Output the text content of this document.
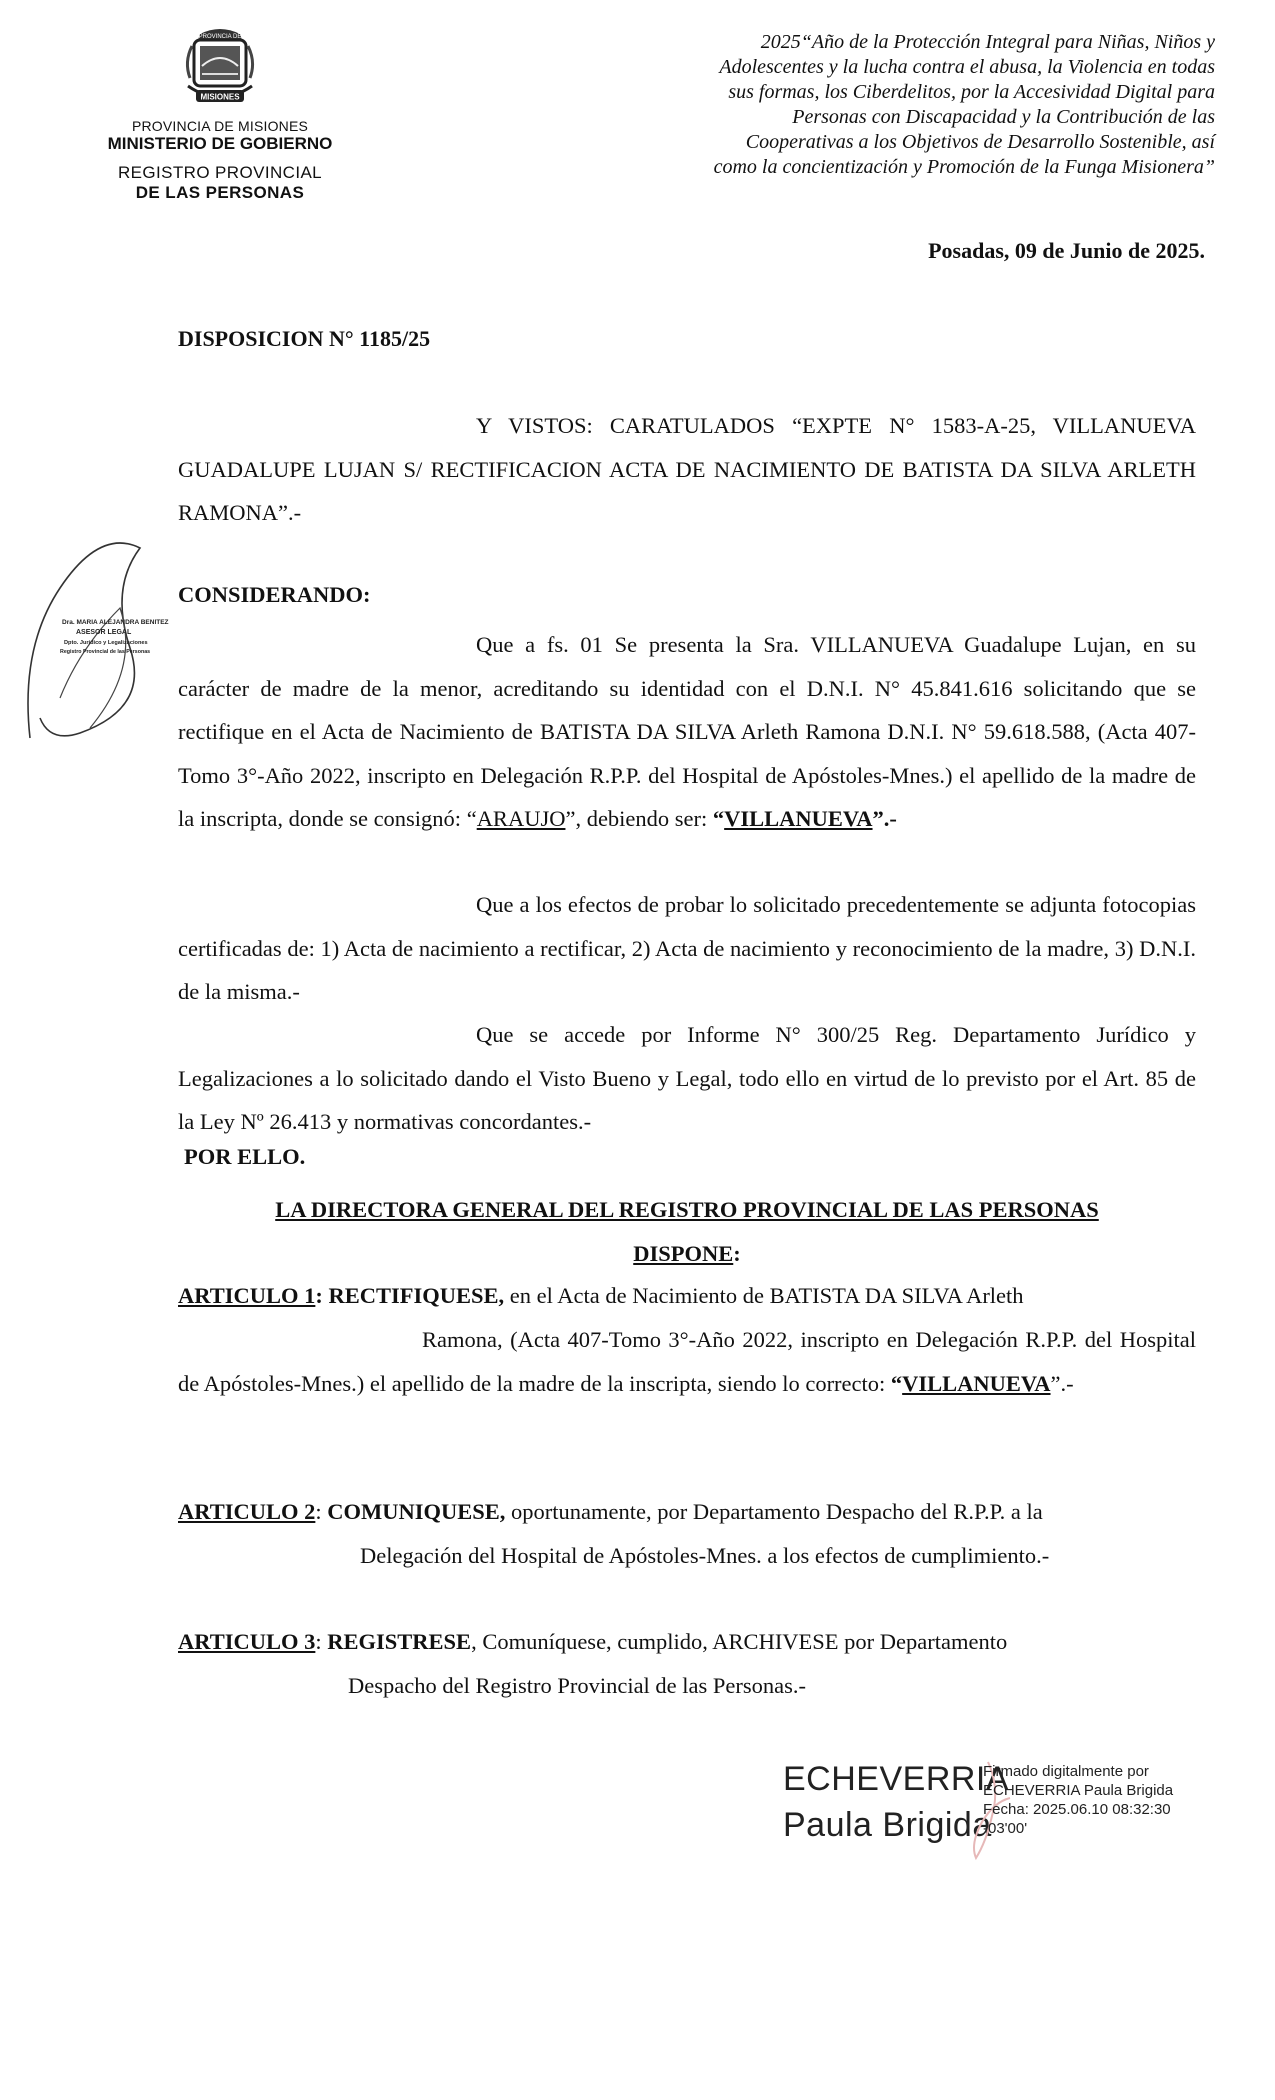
PROVINCIA DE
MISIONES
PROVINCIA DE MISIONES
MINISTERIO DE GOBIERNO
REGISTRO PROVINCIAL
DE LAS PERSONAS
2025“Año de la Protección Integral para Niñas, Niños y
Adolescentes y la lucha contra el abusa, la Violencia en todas
sus formas, los Ciberdelitos, por la Accesividad Digital para
Personas con Discapacidad y la Contribución de las
Cooperativas a los Objetivos de Desarrollo Sostenible, así
como la concientización y Promoción de la Funga Misionera”
Posadas, 09 de Junio de 2025.
DISPOSICION N° 1185/25
Y VISTOS: CARATULADOS “EXPTE N° 1583-A-25, VILLANUEVA GUADALUPE LUJAN S/ RECTIFICACION ACTA DE NACIMIENTO DE BATISTA DA SILVA ARLETH RAMONA”.-
Dra. MARIA ALEJANDRA BENITEZ
ASESOR LEGAL
Dpto. Jurídico y Legalizaciones
Registro Provincial de las Personas
CONSIDERANDO:
Que a fs. 01 Se presenta la Sra. VILLANUEVA Guadalupe Lujan, en su carácter de madre de la menor, acreditando su identidad con el D.N.I. N° 45.841.616 solicitando que se rectifique en el Acta de Nacimiento de BATISTA DA SILVA Arleth Ramona D.N.I. N° 59.618.588, (Acta 407-Tomo 3°-Año 2022, inscripto en Delegación R.P.P. del Hospital de Apóstoles-Mnes.) el apellido de la madre de la inscripta, donde se consignó: “ARAUJO”, debiendo ser: “VILLANUEVA”.-
Que a los efectos de probar lo solicitado precedentemente se adjunta fotocopias certificadas de: 1) Acta de nacimiento a rectificar, 2) Acta de nacimiento y reconocimiento de la madre, 3) D.N.I. de la misma.-
Que se accede por Informe N° 300/25 Reg. Departamento Jurídico y Legalizaciones a lo solicitado dando el Visto Bueno y Legal, todo ello en virtud de lo previsto por el Art. 85 de la Ley Nº 26.413 y normativas concordantes.-
POR ELLO.
LA DIRECTORA GENERAL DEL REGISTRO PROVINCIAL DE LAS PERSONAS
DISPONE:
ARTICULO 1: RECTIFIQUESE, en el Acta de Nacimiento de BATISTA DA SILVA Arleth
Ramona, (Acta 407-Tomo 3°-Año 2022, inscripto en Delegación R.P.P. del Hospital de Apóstoles-Mnes.) el apellido de la madre de la inscripta, siendo lo correcto: “VILLANUEVA”.-
ARTICULO 2: COMUNIQUESE, oportunamente, por Departamento Despacho del R.P.P. a la
Delegación del Hospital de Apóstoles-Mnes. a los efectos de cumplimiento.-
ARTICULO 3: REGISTRESE, Comuníquese, cumplido, ARCHIVESE por Departamento
Despacho del Registro Provincial de las Personas.-
ECHEVERRIA
Paula Brigida
Firmado digitalmente por
ECHEVERRIA Paula Brigida
Fecha: 2025.06.10 08:32:30
-03'00'
